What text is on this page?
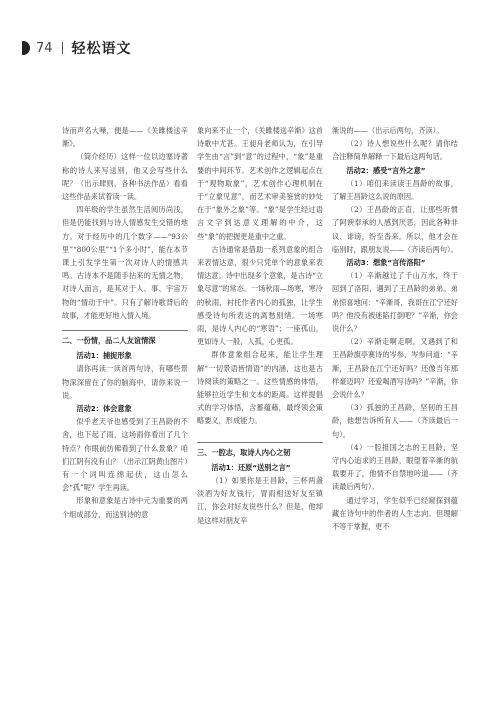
74 轻松语文

诗而声名大噪，便是——《关雎楼送辛渐》。

（筒介经历）这样一位以边塞诗著称的诗人来写送别，他又会写些什么呢？（出示肆则、各种书法作品）看看这些作品来试着读一读。

四年级的学生虽然生活阅历尚浅，但是仍能找到与诗人情感发生交错的地方。对于经历中的几个数字——“93公里”“800公里”“1个多小时”，能在本节课上引发学生第一次对诗人的情感共鸣。古诗本不是随手拈来的无情之物，对诗人而言，是其对于人、事、宇宙万物的“情动于中”。只有了解诗歌背后的故事，才能更好地入情入境。

二、一份情，品二人友谊情深
活动1：捕捉形象

请你再读一读首两句诗，有哪些景物深深留在了你的脑海中，请你来说一说。

活动2：体会意象

似乎老天爷也感受到了王昌龄的不舍，也下起了雨，这场雨你看出了几个特点？你眼前仿佛看到了什么景象？咱们江阴有没有山？（出示江阴黄山图片）有一个词叫连绵起伏，这山怎么会“孤”呢？学生再读。

形象和意象是古诗中元为重要的两个组成部分，而送别诗的意

象向来不止一个，《关雎楼送辛渐》这首诗歌中尤甚。王昶舟老师认为，在引导学生由“言”到“意”的过程中，“象”是重要的中间环节。艺术创作之逻辑起点在于“观物取象”，艺术创作心理机制在于“立象见意”，而艺术审美鉴赏的妙处在于“象外之象”等。“象”是学生经过语言文字到达意义理解的中介，这些“象”的把握更是重中之重。

古诗通常是借助一系列意象的组合来表情达意，很少只凭单个的意象来表情达意。诗中出现多个意象，是古诗“立象尽意”的常态。一场秋雨—场寒，寒冷的秋雨，衬托作者内心的孤独，让学生感受诗句所表达的离愁别绪。一场寒雨，是诗人内心的“寒语”；一座孤山，更如诗人一般，人孤，心更孤。

群体意象组合起来，能让学生理解“一切景语皆情语”的内涵，这也是古诗阅读的策略之一。这些情感的体悟，能够拉近学生和文本的距离。这样提倡式的学习体悟，含蓄蕴藉，最终领会策略要义，形成能力。

三、一腔志，取诗人内心之韧
活动1：还原“送别之言”

（1）如果你是王昌龄，三杯两盏淡酒为好友钱行，胃雨相送好友至镇江，你会对好友说些什么？但是，他却是这样对朋友辛

渐说的——（出示后两句，齐读）。

（2）诗人想说些什么呢？请你结合注释简单解释一下最后这两句话。

活动2：感受“言外之意”

（1）咱们来读读王昌龄的故事，了解王昌龄这么说的原因。

（2）王昌龄的正直，让那些听惯了阿谀奉承的人感到厌恶，因此各种非议、诽谤，纷至沓来。所以，他才会在临别时，跟朋友说——（齐读后两句）。

活动3：想象“言传洛阳”

（1）辛渐越过了千山万水，终于回到了洛阳，遇到了王昌龄的弟弟。弟弟惊喜地问：“辛渐哥，我哥在江宁还好吗？他没有被迷陷打倒吧？”辛渐，你会说什么？

（2）辛渐走啊走啊，又遇到了和王昌龄旗亭赛诗的岑参，岑参问道：“辛渐，王昌龄在江宁还好吗？还像当年那样豪迈吗？还爱喝酒写诗吗？”辛渐，你会说什么？

（3）孤独的王昌龄，坚韧的王昌龄，他想告诉所有人——（齐读最后一句）。

（4）一腔报国之志的王昌龄，坚守内心追求的王昌龄，眼望着辛渐的航载要开了，他情不自禁地吟道——（齐读最后两句）。

通过学习，学生似乎已经窥探到蕴藏在诗句中的作者的人生志向。但理解不等于掌握，更不
